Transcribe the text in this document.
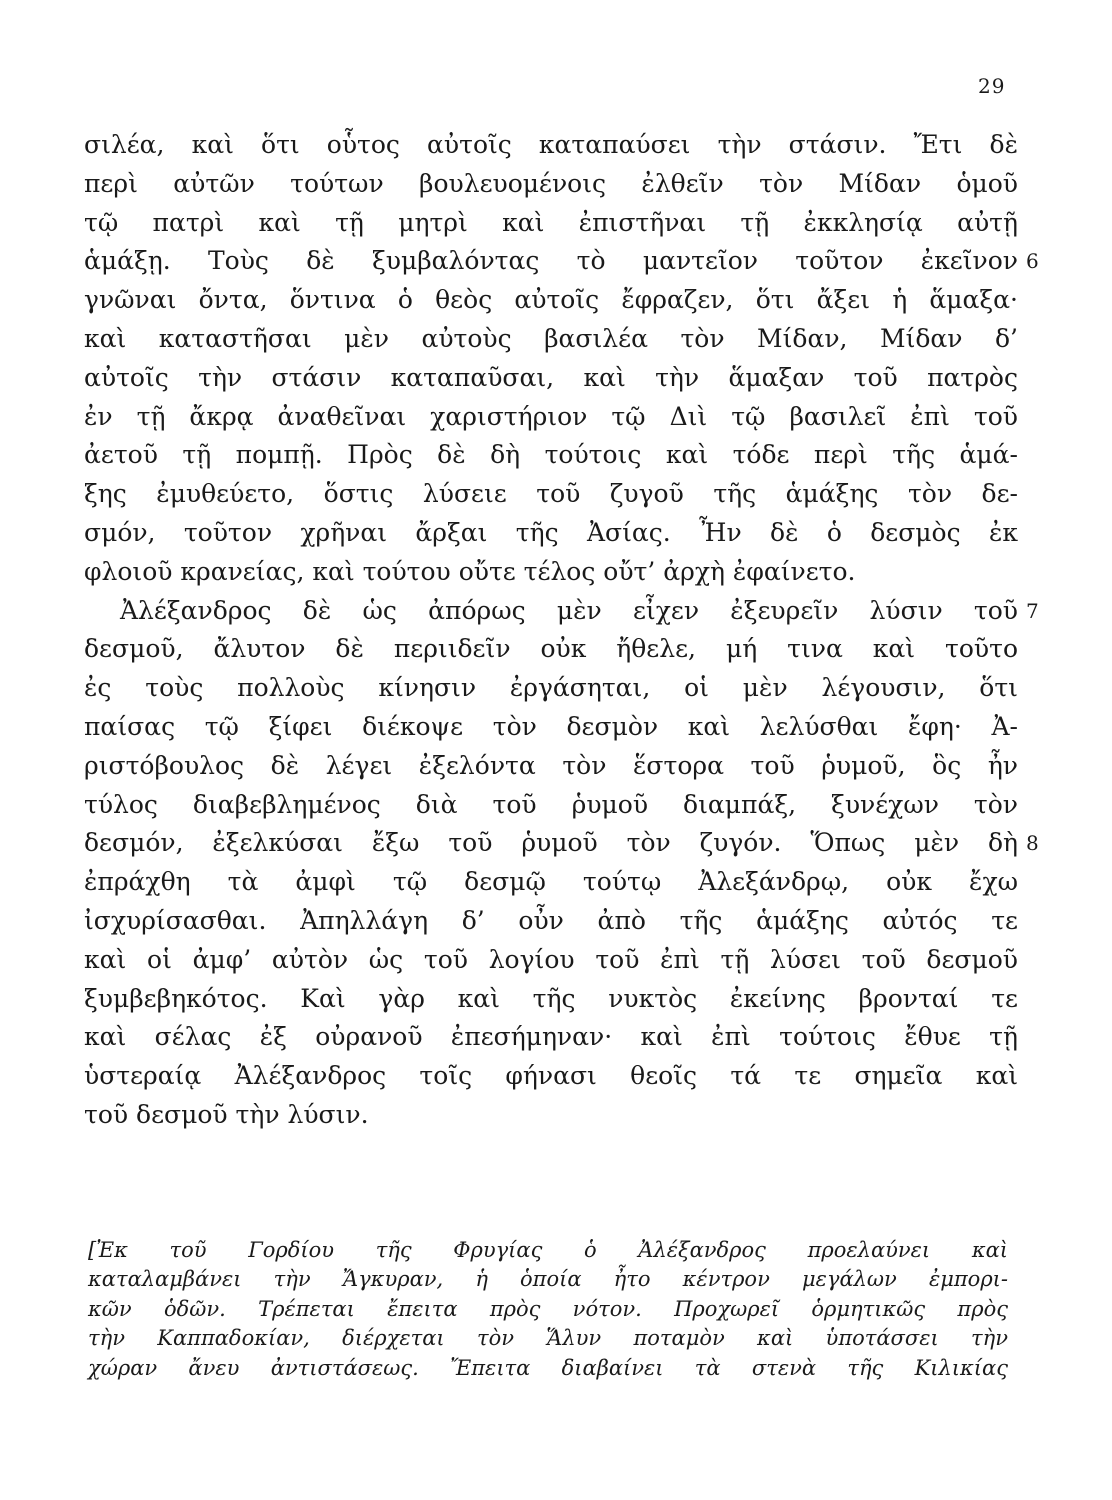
29
σιλέα, καὶ ὅτι οὗτος αὐτοῖς καταπαύσει τὴν στάσιν. Ἔτι δὲ
περὶ αὐτῶν τούτων βουλευομένοις ἐλθεῖν τὸν Μίδαν ὁμοῦ
τῷ πατρὶ καὶ τῇ μητρὶ καὶ ἐπιστῆναι τῇ ἐκκλησίᾳ αὐτῇ
ἁμάξῃ. Τοὺς δὲ ξυμβαλόντας τὸ μαντεῖον τοῦτον ἐκεῖνον 6
γνῶναι ὄντα, ὅντινα ὁ θεὸς αὐτοῖς ἔφραζεν, ὅτι ἄξει ἡ ἅμαξα·
καὶ καταστῆσαι μὲν αὐτοὺς βασιλέα τὸν Μίδαν, Μίδαν δ’
αὐτοῖς τὴν στάσιν καταπαῦσαι, καὶ τὴν ἅμαξαν τοῦ πατρὸς
ἐν τῇ ἄκρᾳ ἀναθεῖναι χαριστήριον τῷ Διὶ τῷ βασιλεῖ ἐπὶ τοῦ
ἀετοῦ τῇ πομπῇ. Πρὸς δὲ δὴ τούτοις καὶ τόδε περὶ τῆς ἁμά-
ξης ἐμυθεύετο, ὅστις λύσειε τοῦ ζυγοῦ τῆς ἁμάξης τὸν δε-
σμόν, τοῦτον χρῆναι ἄρξαι τῆς Ἀσίας. Ἦν δὲ ὁ δεσμὸς ἐκ
φλοιοῦ κρανείας, καὶ τούτου οὔτε τέλος οὔτ’ ἀρχὴ ἐφαίνετο.
Ἀλέξανδρος δὲ ὡς ἀπόρως μὲν εἶχεν ἐξευρεῖν λύσιν τοῦ 7
δεσμοῦ, ἄλυτον δὲ περιιδεῖν οὐκ ἤθελε, μή τινα καὶ τοῦτο
ἐς τοὺς πολλοὺς κίνησιν ἐργάσηται, οἱ μὲν λέγουσιν, ὅτι
παίσας τῷ ξίφει διέκοψε τὸν δεσμὸν καὶ λελύσθαι ἔφη· Ἀ-
ριστόβουλος δὲ λέγει ἐξελόντα τὸν ἕστορα τοῦ ῥυμοῦ, ὃς ἦν
τύλος διαβεβλημένος διὰ τοῦ ῥυμοῦ διαμπάξ, ξυνέχων τὸν
δεσμόν, ἐξελκύσαι ἔξω τοῦ ῥυμοῦ τὸν ζυγόν. Ὅπως μὲν δὴ 8
ἐπράχθη τὰ ἀμφὶ τῷ δεσμῷ τούτῳ Ἀλεξάνδρῳ, οὐκ ἔχω
ἰσχυρίσασθαι. Ἀπηλλάγη δ’ οὖν ἀπὸ τῆς ἁμάξης αὐτός τε
καὶ οἱ ἀμφ’ αὐτὸν ὡς τοῦ λογίου τοῦ ἐπὶ τῇ λύσει τοῦ δεσμοῦ
ξυμβεβηκότος. Καὶ γὰρ καὶ τῆς νυκτὸς ἐκείνης βρονταί τε
καὶ σέλας ἐξ οὐρανοῦ ἐπεσήμηναν· καὶ ἐπὶ τούτοις ἔθυε τῇ
ὑστεραίᾳ Ἀλέξανδρος τοῖς φήνασι θεοῖς τά τε σημεῖα καὶ
τοῦ δεσμοῦ τὴν λύσιν.
[Ἐκ τοῦ Γορδίου τῆς Φρυγίας ὁ Ἀλέξανδρος προελαύνει καὶ
καταλαμβάνει τὴν Ἄγκυραν, ἡ ὁποία ἦτο κέντρον μεγάλων ἐμπορι-
κῶν ὁδῶν. Τρέπεται ἔπειτα πρὸς νότον. Προχωρεῖ ὁρμητικῶς πρὸς
τὴν Καππαδοκίαν, διέρχεται τὸν Ἅλυν ποταμὸν καὶ ὑποτάσσει τὴν
χώραν ἄνευ ἀντιστάσεως. Ἔπειτα διαβαίνει τὰ στενὰ τῆς Κιλικίας
